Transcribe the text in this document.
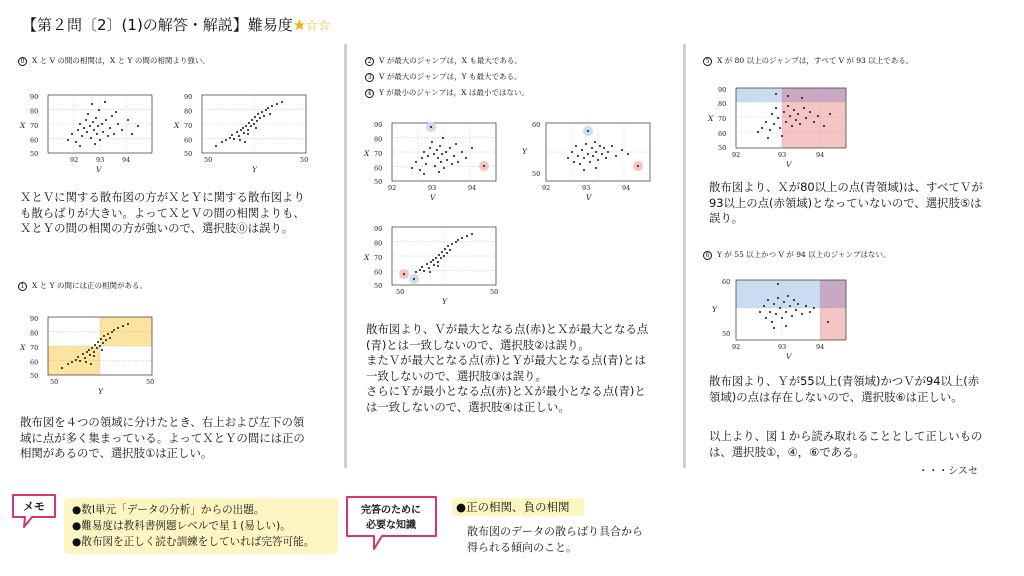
【第２問〔2〕(1)の解答・解説】難易度★☆☆
0 X と V の間の相関は，X と Y の間の相関より強い。
90
80
70
60
50
X
92	93	94
V
90
80
70
60
50
X
50	50
Y
ＸとＶに関する散布図の方がＸとＹに関する散布図より
も散らばりが大きい。よってＸとＶの間の相関よりも、
ＸとＹの間の相関の方が強いので、選択肢⓪は誤り。
1 X と Y の間には正の相関がある。
90
80
70
60
50
X
50	50
Y
散布図を４つの領域に分けたとき、右上および左下の領
域に点が多く集まっている。よってＸとＹの間には正の
相関があるので、選択肢①は正しい。
2 V が最大のジャンプは，X も最大である。
3 V が最大のジャンプは，Y も最大である。
4 Y が最小のジャンプは，X は最小ではない。
90
80
70
60
50
X
92	93	94
V
60
50
Y
92	93	94
V
90
80
70
60
50
X
50	50
Y
散布図より、Ｖが最大となる点(赤)とＸが最大となる点
(青)とは一致しないので、選択肢②は誤り。
またＶが最大となる点(赤)とＹが最大となる点(青)とは
一致しないので、選択肢③は誤り。
さらにＹが最小となる点(赤)とＸが最小となる点(青)と
は一致しないので、選択肢④は正しい。
5 X が 80 以上のジャンプは，すべて V が 93 以上である。
90
80
70
60
50
X
92	93	94
V
散布図より、Ｘが80以上の点(青領域)は、すべてＶが
93以上の点(赤領域)となっていないので、選択肢⑤は
誤り。
6 Y が 55 以上かつ V が 94 以上のジャンプはない。
60
50
Y
92	93	94
V
散布図より、Ｙが55以上(青領域)かつＶが94以上(赤
領域)の点は存在しないので、選択肢⑥は正しい。
以上より、図１から読み取れることとして正しいもの
は、選択肢①，④，⑥である。
・・・シスセ
メモ	●数Ⅰ単元「データの分析」からの出題。
●難易度は教科書例題レベルで星１(易しい)。
●散布図を正しく読む訓練をしていれば完答可能。
完答のために
必要な知識
●正の相関、負の相関
散布図のデータの散らばり具合から
得られる傾向のこと。
